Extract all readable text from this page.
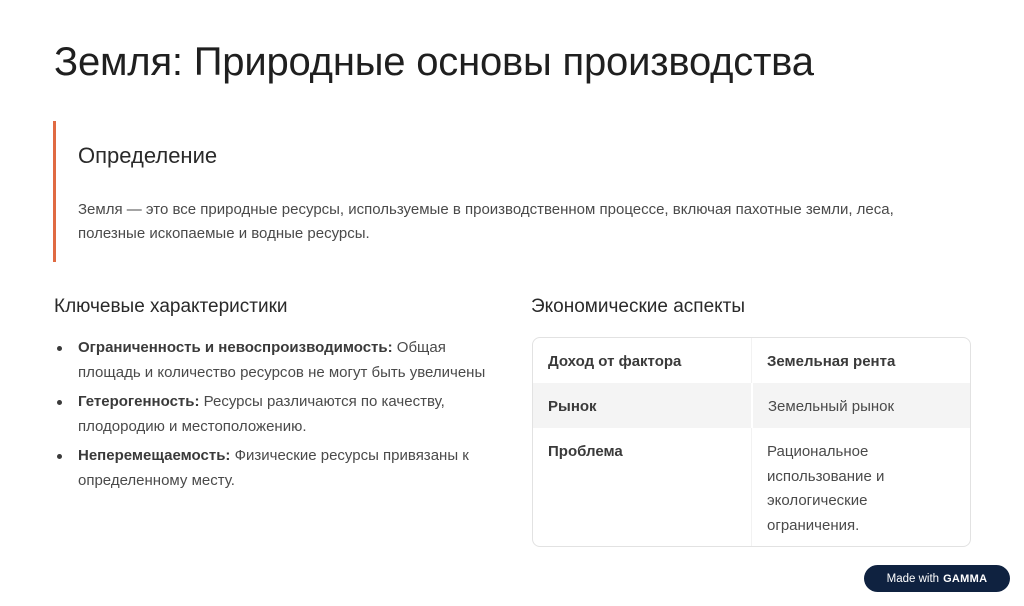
Земля: Природные основы производства
Определение

Земля — это все природные ресурсы, используемые в производственном процессе, включая пахотные земли, леса, полезные ископаемые и водные ресурсы.

Ключевые характеристики
Ограниченность и невоспроизводимость: Общая площадь и количество ресурсов не могут быть увеличены
Гетерогенность: Ресурсы различаются по качеству, плодородию и местоположению.
Неперемещаемость: Физические ресурсы привязаны к определенному месту.
Экономические аспекты
Доход от фактора	Земельная рента
Рынок	Земельный рынок
Проблема	Рациональное использование и экологические ограничения.
Made with GAMMA
